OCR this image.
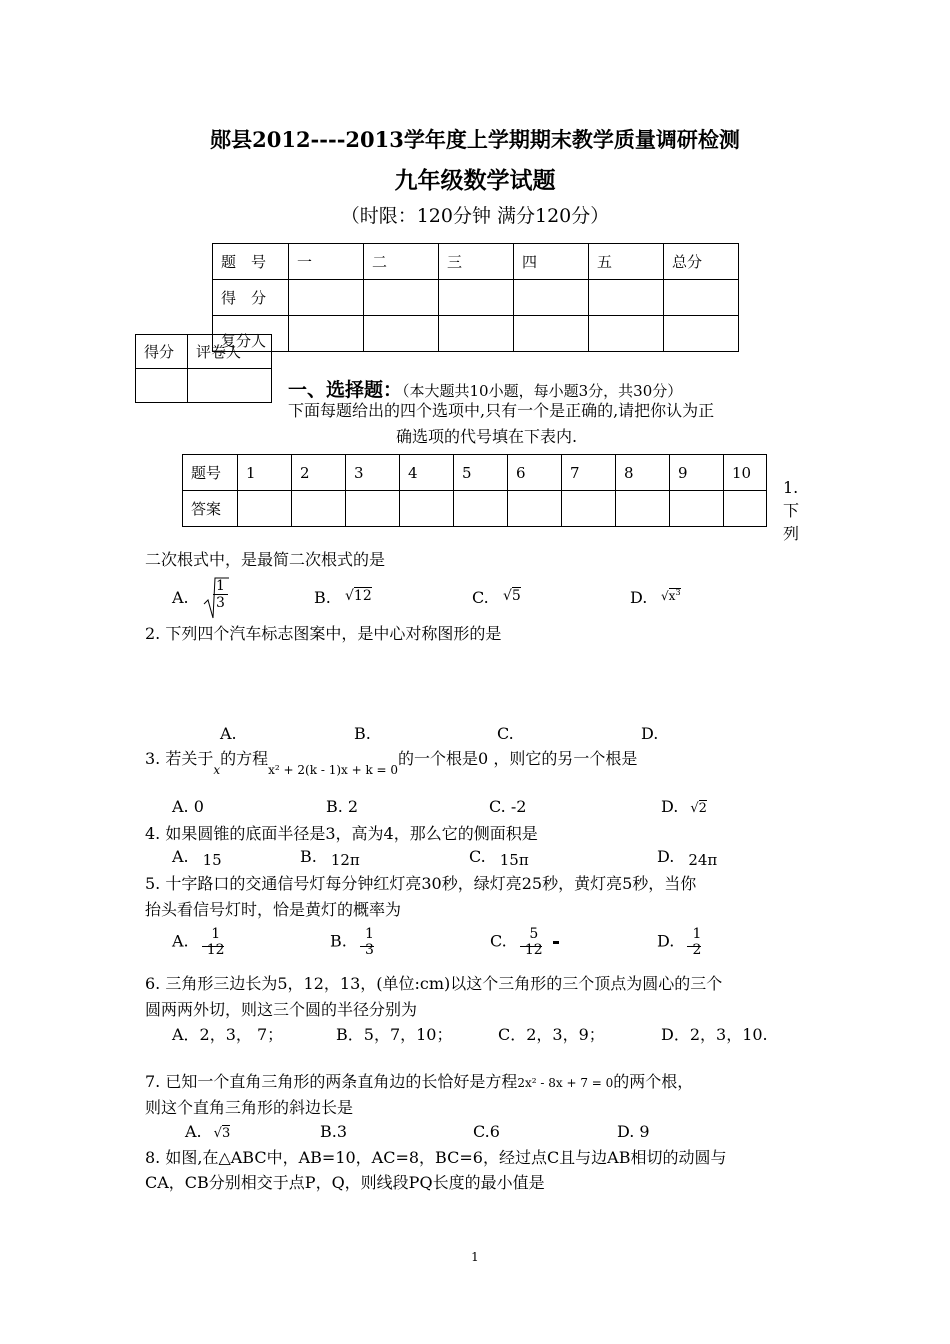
郧县2012----2013学年度上学期期末教学质量调研检测
九年级数学试题
（时限：120分钟 满分120分）
题　号	一	二	三	四	五	总分
得　分						
复分人						
得分	评卷人

一、选择题：（本大题共10小题，每小题3分，共30分）
下面每题给出的四个选项中,只有一个是正确的,请把你认为正
确选项的代号填在下表内.
题号	1	2	3	4	5	6	7	8	9	10
答案										
1.
下
列
二次根式中，是最简二次根式的是
A. $\frac{1}{3}$	B. √12	C. √5	D. $√x^3$
2. 下列四个汽车标志图案中，是中心对称图形的是
A.	B.	C.	D.
3. 若关于$_x$的方程$_{x^2 + 2(k - 1)x + k = 0}$的一个根是0 ，则它的另一个根是
A. 0	B. 2	C. -2	D. √2
4. 如果圆锥的底面半径是3，高为4，那么它的侧面积是
A. 15	B. 12π	C. 15π	D. 24π
5. 十字路口的交通信号灯每分钟红灯亮30秒，绿灯亮25秒，黄灯亮5秒，当你
抬头看信号灯时，恰是黄灯的概率为
A.	1
12	B. 1
3	C.	5
12
	D. 1
2
6. 三角形三边长为5，12，13，(单位:cm)以这个三角形的三个顶点为圆心的三个
圆两两外切，则这三个圆的半径分别为
A．2，3， 7；	B．5，7，10；	C．2，3，9；	D．2，3，10.
7. 已知一个直角三角形的两条直角边的长恰好是方程2x² - 8x + 7 = 0的两个根，
则这个直角三角形的斜边长是
A. √3	B.3	C.6	D. 9
8. 如图,在△ABC中，AB=10，AC=8，BC=6，经过点C且与边AB相切的动圆与
CA，CB分别相交于点P，Q，则线段PQ长度的最小值是
1
